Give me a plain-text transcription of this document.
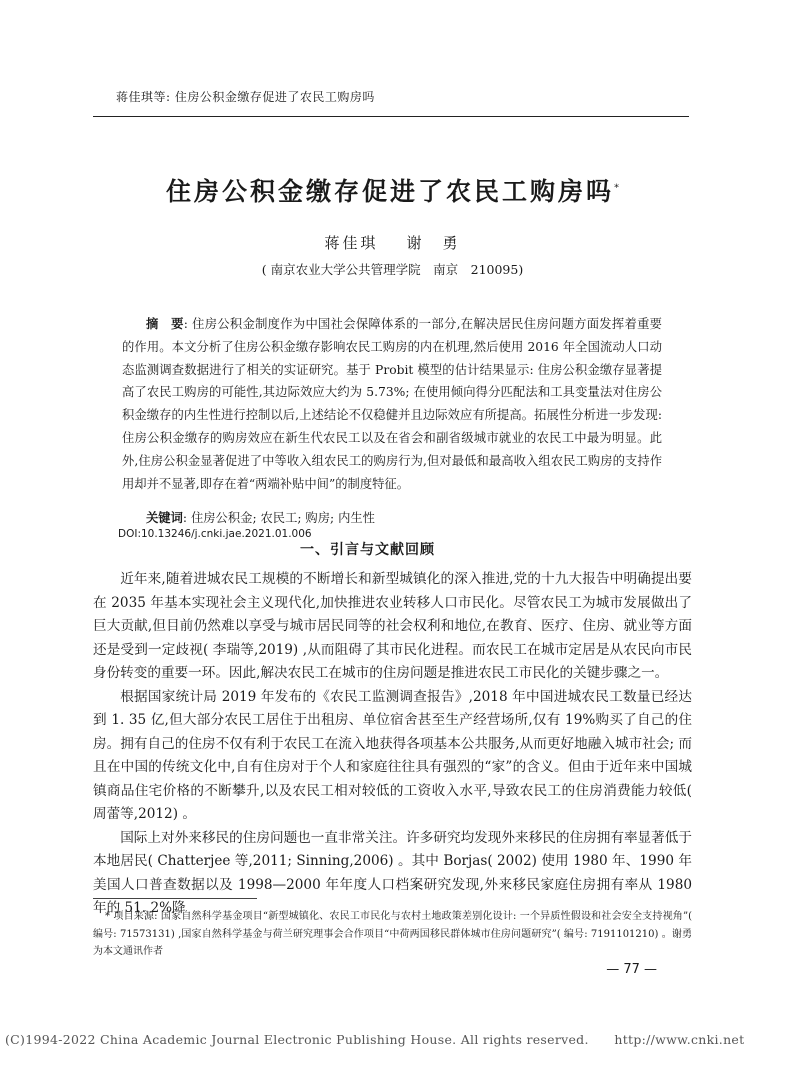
蒋佳琪等: 住房公积金缴存促进了农民工购房吗
住房公积金缴存促进了农民工购房吗*
蒋佳琪 谢　勇
( 南京农业大学公共管理学院　南京　210095)
摘　要: 住房公积金制度作为中国社会保障体系的一部分,在解决居民住房问题方面发挥着重要的作用。本文分析了住房公积金缴存影响农民工购房的内在机理,然后使用 2016 年全国流动人口动态监测调查数据进行了相关的实证研究。基于 Probit 模型的估计结果显示: 住房公积金缴存显著提高了农民工购房的可能性,其边际效应大约为 5.73%; 在使用倾向得分匹配法和工具变量法对住房公积金缴存的内生性进行控制以后,上述结论不仅稳健并且边际效应有所提高。拓展性分析进一步发现: 住房公积金缴存的购房效应在新生代农民工以及在省会和副省级城市就业的农民工中最为明显。此外,住房公积金显著促进了中等收入组农民工的购房行为,但对最低和最高收入组农民工购房的支持作用却并不显著,即存在着“两端补贴中间”的制度特征。
关键词: 住房公积金; 农民工; 购房; 内生性
DOI:10.13246/j.cnki.jae.2021.01.006
一、引言与文献回顾

近年来,随着进城农民工规模的不断增长和新型城镇化的深入推进,党的十九大报告中明确提出要在 2035 年基本实现社会主义现代化,加快推进农业转移人口市民化。尽管农民工为城市发展做出了巨大贡献,但目前仍然难以享受与城市居民同等的社会权利和地位,在教育、医疗、住房、就业等方面还是受到一定歧视( 李瑞等,2019) ,从而阻碍了其市民化进程。而农民工在城市定居是从农民向市民身份转变的重要一环。因此,解决农民工在城市的住房问题是推进农民工市民化的关键步骤之一。

根据国家统计局 2019 年发布的《农民工监测调查报告》,2018 年中国进城农民工数量已经达到 1. 35 亿,但大部分农民工居住于出租房、单位宿舍甚至生产经营场所,仅有 19%购买了自己的住房。拥有自己的住房不仅有利于农民工在流入地获得各项基本公共服务,从而更好地融入城市社会; 而且在中国的传统文化中,自有住房对于个人和家庭往往具有强烈的“家”的含义。但由于近年来中国城镇商品住宅价格的不断攀升,以及农民工相对较低的工资收入水平,导致农民工的住房消费能力较低( 周蕾等,2012) 。

国际上对外来移民的住房问题也一直非常关注。许多研究均发现外来移民的住房拥有率显著低于本地居民( Chatterjee 等,2011; Sinning,2006) 。其中 Borjas( 2002) 使用 1980 年、1990 年美国人口普查数据以及 1998—2000 年年度人口档案研究发现,外来移民家庭住房拥有率从 1980 年的 51. 2%降

* 项目来源: 国家自然科学基金项目“新型城镇化、农民工市民化与农村土地政策差别化设计: 一个异质性假设和社会安全支持视角”( 编号: 71573131) ,国家自然科学基金与荷兰研究理事会合作项目“中荷两国移民群体城市住房问题研究”( 编号: 7191101210) 。谢勇为本文通讯作者
— 77 —
(C)1994-2022 China Academic Journal Electronic Publishing House. All rights reserved.　　http://www.cnki.net
